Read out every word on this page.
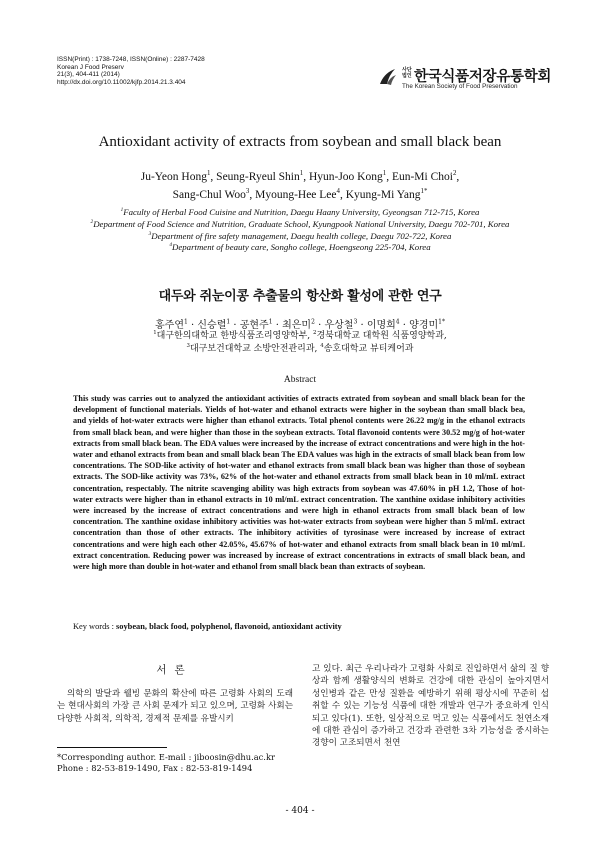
ISSN(Print) : 1738-7248, ISSN(Online) : 2287-7428
Korean J Food Preserv
21(3), 404-411 (2014)
http://dx.doi.org/10.11002/kjfp.2014.21.3.404
사단법인 한국식품저장유통학회
The Korean Society of Food Preservation
Antioxidant activity of extracts from soybean and small black bean
Ju-Yeon Hong$^1$, Seung-Ryeul Shin$^1$, Hyun-Joo Kong$^1$, Eun-Mi Choi$^2$,
Sang-Chul Woo$^3$, Myoung-Hee Lee$^4$, Kyung-Mi Yang$^{1*}$
$^1$Faculty of Herbal Food Cuisine and Nutrition, Daegu Haany University, Gyeongsan 712-715, Korea
$^2$Department of Food Science and Nutrition, Graduate School, Kyungpook National University, Daegu 702-701, Korea
$^3$Department of fire safety management, Daegu health college, Daegu 702-722, Korea
$^4$Department of beauty care, Songho college, Hoengseong 225-704, Korea
대두와 쥐눈이콩 추출물의 항산화 활성에 관한 연구
홍주연$^1$ · 신승렬$^1$ · 공현주$^1$ · 최은미$^2$ · 우상철$^3$ · 이명희$^4$ · 양경미$^{1*}$
$^1$대구한의대학교 한방식품조리영양학부, $^2$경북대학교 대학원 식품영양학과,
$^3$대구보건대학교 소방안전관리과, $^4$송호대학교 뷰티케어과
Abstract
This study was carries out to analyzed the antioxidant activities of extracts extrated from soybean and small black bean for the development of functional materials. Yields of hot-water and ethanol extracts were higher in the soybean than small black bea, and yields of hot-water extracts were higher than ethanol extracts. Total phenol contents were 26.22 mg/g in the ethanol extracts from small black bean, and were higher than those in the soybean extracts. Total flavonoid contents were 30.52 mg/g of hot-water extracts from small black bean. The EDA values were increased by the increase of extract concentrations and were high in the hot-water and ethanol extracts from bean and small black bean The EDA values was high in the extracts of small black bean from low concentrations. The SOD-like activity of hot-water and ethanol extracts from small black bean was higher than those of soybean extracts. The SOD-like activity was 73%, 62% of the hot-water and ethanol extracts from small black bean in 10 ml/mL extract concentration, respectably. The nitrite scavenging ability was high extracts from soybean was 47.60% in pH 1.2, Those of hot-water extracts were higher than in ethanol extracts in 10 ml/mL extract concentration. The xanthine oxidase inhibitory activities were increased by the increase of extract concentrations and were high in ethanol extracts from small black bean of low concentration. The xanthine oxidase inhibitory activities was hot-water extracts from soybean were higher than 5 ml/mL extract concentration than those of other extracts. The inhibitory activities of tyrosinase were increased by increase of extract concentrations and were high each other 42.05%, 45.67% of hot-water and ethanol extracts from small black bean in 10 ml/mL extract concentration. Reducing power was increased by increase of extract concentrations in extracts of small black bean, and were high more than double in hot-water and ethanol from small black bean than extracts of soybean.
Key words : soybean, black food, polyphenol, flavonoid, antioxidant activity
서론

의학의 발달과 웰빙 문화의 확산에 따른 고령화 사회의 도래는 현대사회의 가장 큰 사회 문제가 되고 있으며, 고령화 사회는 다양한 사회적, 의학적, 경제적 문제를 유발시키

고 있다. 최근 우리나라가 고령화 사회로 진입하면서 삶의 질 향상과 함께 생활양식의 변화로 건강에 대한 관심이 높아지면서 성인병과 같은 만성 질환을 예방하기 위해 평상시에 꾸준히 섭취할 수 있는 기능성 식품에 대한 개발과 연구가 중요하게 인식되고 있다(1). 또한, 일상적으로 먹고 있는 식품에서도 천연소재에 대한 관심이 증가하고 건강과 관련한 3차 기능성을 중시하는 경향이 고조되면서 천연

*Corresponding author. E-mail : jiboosin@dhu.ac.kr
Phone : 82-53-819-1490, Fax : 82-53-819-1494
- 404 -
